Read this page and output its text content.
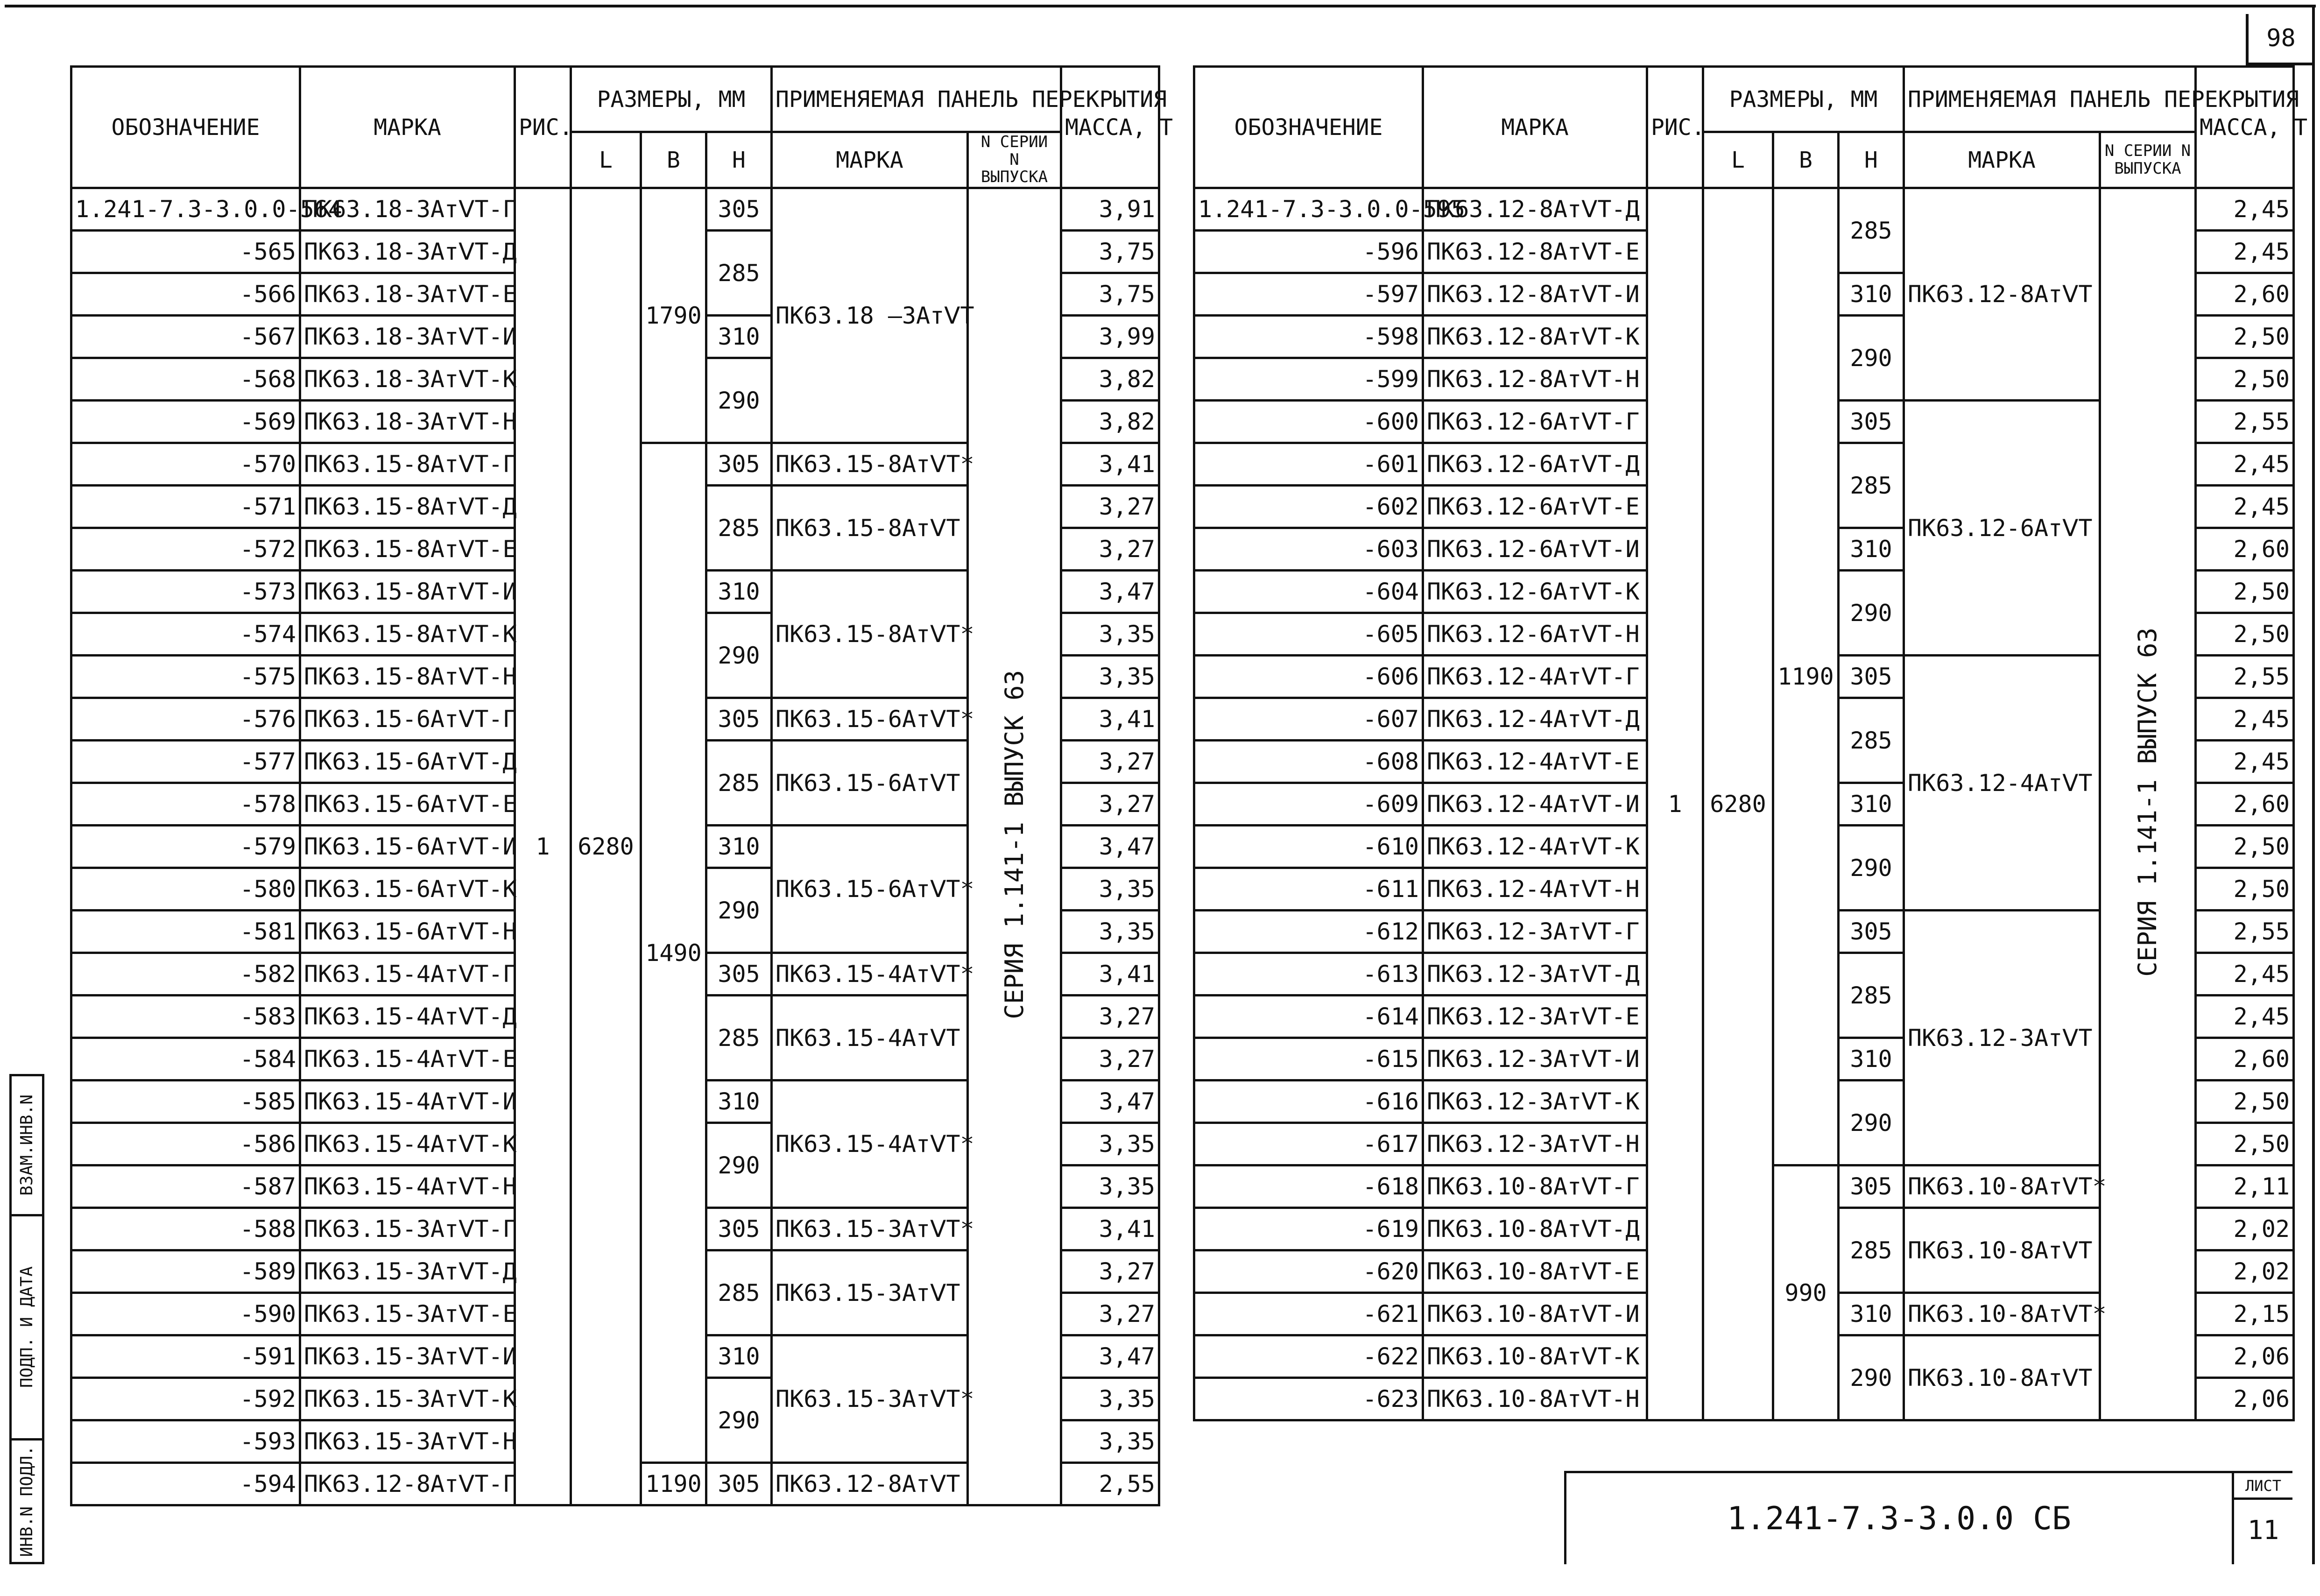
98
ОБОЗНАЧЕНИЕ	МАРКА	РИС.	РАЗМЕРЫ, ММ			ПРИМЕНЯЕМАЯ ПАНЕЛЬ ПЕРЕКРЫТИЯ		МАССА, Т
			L	B	H	МАРКА	N СЕРИИ N ВЫПУСКА	
1.241-7.3-3.0.0-564	ПК63.18-3АтⅤТ-Г	1	6280	1790	305	ПК63.18 –3АтⅤТ	СЕРИЯ 1.141-1 ВЫПУСК 63	3,91
-565	ПК63.18-3АтⅤТ-Д				285			3,75
-566	ПК63.18-3АтⅤТ-Е							3,75
-567	ПК63.18-3АтⅤТ-И				310			3,99
-568	ПК63.18-3АтⅤТ-К				290			3,82
-569	ПК63.18-3АтⅤТ-Н							3,82
-570	ПК63.15-8АтⅤТ-Г			1490	305	ПК63.15-8АтⅤТ*		3,41
-571	ПК63.15-8АтⅤТ-Д				285	ПК63.15-8АтⅤТ		3,27
-572	ПК63.15-8АтⅤТ-Е							3,27
-573	ПК63.15-8АтⅤТ-И				310	ПК63.15-8АтⅤТ*		3,47
-574	ПК63.15-8АтⅤТ-К				290			3,35
-575	ПК63.15-8АтⅤТ-Н							3,35
-576	ПК63.15-6АтⅤТ-Г				305	ПК63.15-6АтⅤТ*		3,41
-577	ПК63.15-6АтⅤТ-Д				285	ПК63.15-6АтⅤТ		3,27
-578	ПК63.15-6АтⅤТ-Е							3,27
-579	ПК63.15-6АтⅤТ-И				310	ПК63.15-6АтⅤТ*		3,47
-580	ПК63.15-6АтⅤТ-К				290			3,35
-581	ПК63.15-6АтⅤТ-Н							3,35
-582	ПК63.15-4АтⅤТ-Г				305	ПК63.15-4АтⅤТ*		3,41
-583	ПК63.15-4АтⅤТ-Д				285	ПК63.15-4АтⅤТ		3,27
-584	ПК63.15-4АтⅤТ-Е							3,27
-585	ПК63.15-4АтⅤТ-И				310	ПК63.15-4АтⅤТ*		3,47
-586	ПК63.15-4АтⅤТ-К				290			3,35
-587	ПК63.15-4АтⅤТ-Н							3,35
-588	ПК63.15-3АтⅤТ-Г				305	ПК63.15-3АтⅤТ*		3,41
-589	ПК63.15-3АтⅤТ-Д				285	ПК63.15-3АтⅤТ		3,27
-590	ПК63.15-3АтⅤТ-Е							3,27
-591	ПК63.15-3АтⅤТ-И				310	ПК63.15-3АтⅤТ*		3,47
-592	ПК63.15-3АтⅤТ-К				290			3,35
-593	ПК63.15-3АтⅤТ-Н							3,35
-594	ПК63.12-8АтⅤТ-Г			1190	305	ПК63.12-8АтⅤТ		2,55
ОБОЗНАЧЕНИЕ	МАРКА	РИС.	РАЗМЕРЫ, ММ			ПРИМЕНЯЕМАЯ ПАНЕЛЬ ПЕРЕКРЫТИЯ		МАССА, Т
			L	B	H	МАРКА	N СЕРИИ N ВЫПУСКА	
1.241-7.3-3.0.0-595	ПК63.12-8АтⅤТ-Д	1	6280	1190	285	ПК63.12-8АтⅤТ	СЕРИЯ 1.141-1 ВЫПУСК 63	2,45
-596	ПК63.12-8АтⅤТ-Е							2,45
-597	ПК63.12-8АтⅤТ-И				310			2,60
-598	ПК63.12-8АтⅤТ-К				290			2,50
-599	ПК63.12-8АтⅤТ-Н							2,50
-600	ПК63.12-6АтⅤТ-Г				305	ПК63.12-6АтⅤТ		2,55
-601	ПК63.12-6АтⅤТ-Д				285			2,45
-602	ПК63.12-6АтⅤТ-Е							2,45
-603	ПК63.12-6АтⅤТ-И				310			2,60
-604	ПК63.12-6АтⅤТ-К				290			2,50
-605	ПК63.12-6АтⅤТ-Н							2,50
-606	ПК63.12-4АтⅤТ-Г				305	ПК63.12-4АтⅤТ		2,55
-607	ПК63.12-4АтⅤТ-Д				285			2,45
-608	ПК63.12-4АтⅤТ-Е							2,45
-609	ПК63.12-4АтⅤТ-И				310			2,60
-610	ПК63.12-4АтⅤТ-К				290			2,50
-611	ПК63.12-4АтⅤТ-Н							2,50
-612	ПК63.12-3АтⅤТ-Г				305	ПК63.12-3АтⅤТ		2,55
-613	ПК63.12-3АтⅤТ-Д				285			2,45
-614	ПК63.12-3АтⅤТ-Е							2,45
-615	ПК63.12-3АтⅤТ-И				310			2,60
-616	ПК63.12-3АтⅤТ-К				290			2,50
-617	ПК63.12-3АтⅤТ-Н							2,50
-618	ПК63.10-8АтⅤТ-Г			990	305	ПК63.10-8АтⅤТ*		2,11
-619	ПК63.10-8АтⅤТ-Д				285	ПК63.10-8АтⅤТ		2,02
-620	ПК63.10-8АтⅤТ-Е							2,02
-621	ПК63.10-8АтⅤТ-И				310	ПК63.10-8АтⅤТ*		2,15
-622	ПК63.10-8АтⅤТ-К				290	ПК63.10-8АтⅤТ		2,06
-623	ПК63.10-8АтⅤТ-Н							2,06
ВЗАМ.ИНВ.N
ПОДП. И ДАТА
ИНВ.N ПОДЛ.	1.241-7.3-3.0.0 СБ
ЛИСТ
11
